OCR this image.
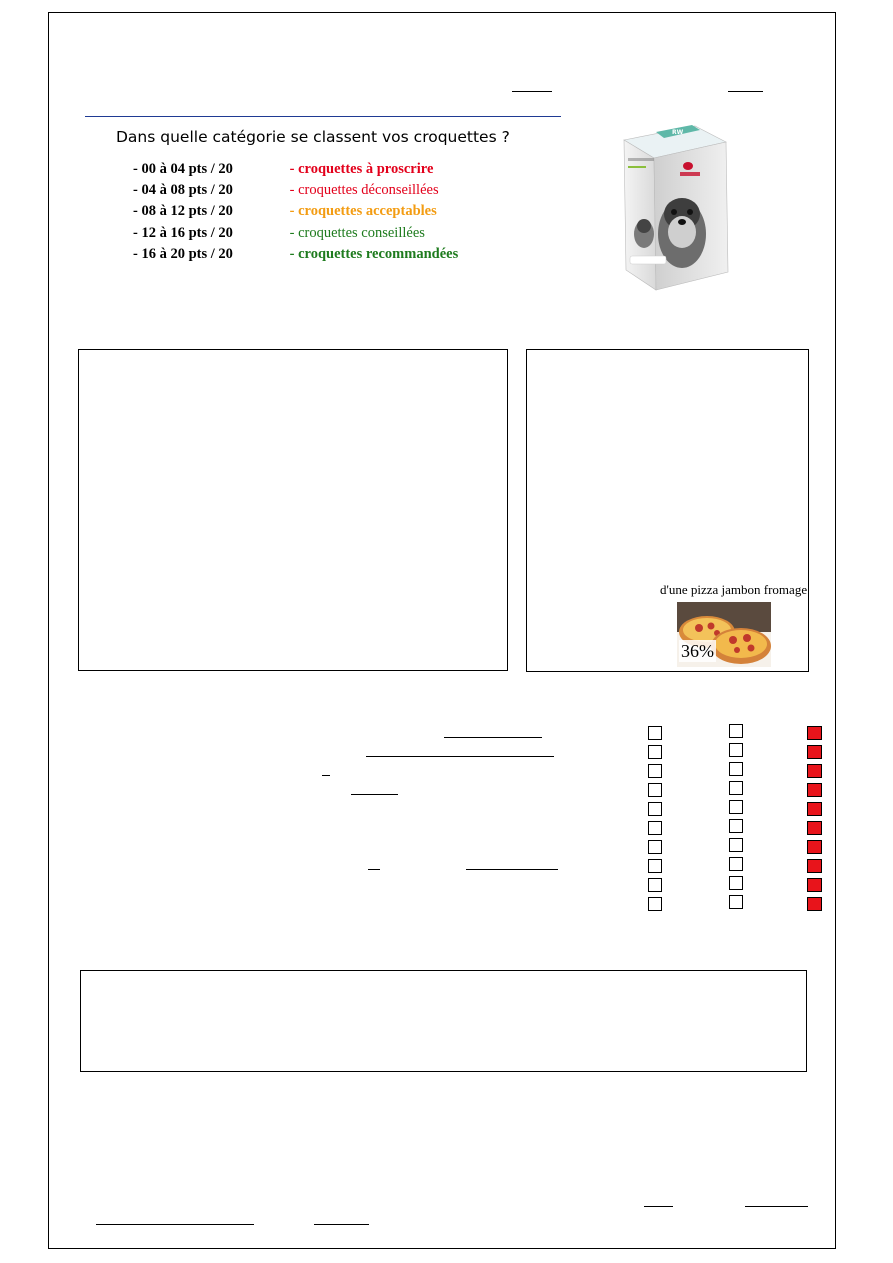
Dans quelle catégorie se classent vos croquettes ?
- 00 à 04 pts / 20	- croquettes à proscrire
- 04 à 08 pts / 20	- croquettes déconseillées
- 08 à 12 pts / 20	- croquettes acceptables
- 12 à 16 pts / 20	- croquettes conseillées
- 16 à 20 pts / 20	- croquettes recommandées
RW
d'une pizza jambon fromage
36%
